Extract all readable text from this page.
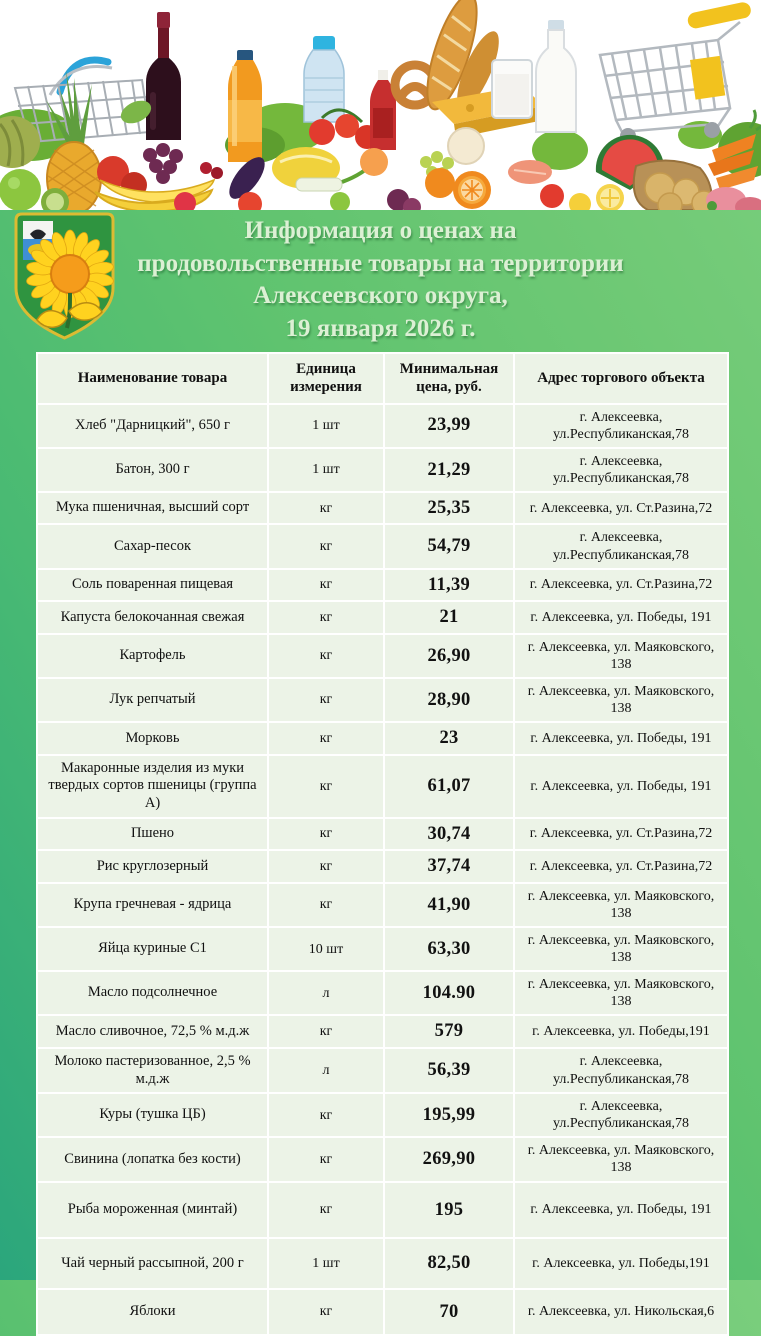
Информация о ценах на
продовольственные товары на территории
Алексеевского округа,
19 января 2026 г.
Наименование товара	Единица измерения	Минимальная цена, руб.	Адрес торгового объекта
Хлеб "Дарницкий", 650 г	1 шт	23,99	г. Алексеевка, ул.Республиканская,78
Батон, 300 г	1 шт	21,29	г. Алексеевка, ул.Республиканская,78
Мука пшеничная, высший сорт	кг	25,35	г. Алексеевка, ул. Ст.Разина,72
Сахар-песок	кг	54,79	г. Алексеевка, ул.Республиканская,78
Соль поваренная пищевая	кг	11,39	г. Алексеевка, ул. Ст.Разина,72
Капуста белокочанная свежая	кг	21	г. Алексеевка, ул. Победы, 191
Картофель	кг	26,90	г. Алексеевка, ул. Маяковского, 138
Лук репчатый	кг	28,90	г. Алексеевка, ул. Маяковского, 138
Морковь	кг	23	г. Алексеевка, ул. Победы, 191
Макаронные изделия из муки твердых сортов пшеницы (группа А)	кг	61,07	г. Алексеевка, ул. Победы, 191
Пшено	кг	30,74	г. Алексеевка, ул. Ст.Разина,72
Рис круглозерный	кг	37,74	г. Алексеевка, ул. Ст.Разина,72
Крупа гречневая - ядрица	кг	41,90	г. Алексеевка, ул. Маяковского, 138
Яйца куриные С1	10 шт	63,30	г. Алексеевка, ул. Маяковского, 138
Масло подсолнечное	л	104.90	г. Алексеевка, ул. Маяковского, 138
Масло сливочное, 72,5 % м.д.ж	кг	579	г. Алексеевка, ул. Победы,191
Молоко пастеризованное, 2,5 % м.д.ж	л	56,39	г. Алексеевка, ул.Республиканская,78
Куры (тушка ЦБ)	кг	195,99	г. Алексеевка, ул.Республиканская,78
Свинина (лопатка без кости)	кг	269,90	г. Алексеевка, ул. Маяковского, 138
Рыба мороженная (минтай)	кг	195	г. Алексеевка, ул. Победы, 191
Чай черный рассыпной, 200 г	1 шт	82,50	г. Алексеевка, ул. Победы,191
Яблоки	кг	70	г. Алексеевка, ул. Никольская,6
